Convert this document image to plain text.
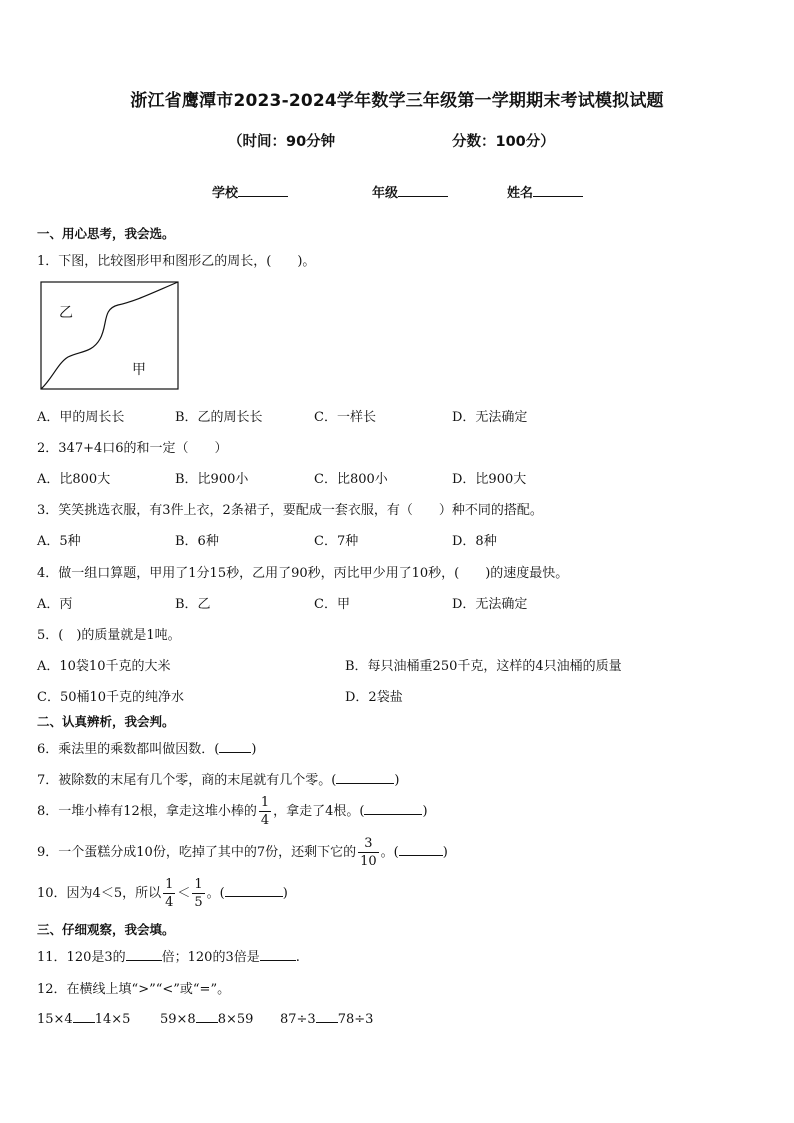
浙江省鹰潭市2023-2024学年数学三年级第一学期期末考试模拟试题
（时间：90分钟	分数：100分）
学校	年级	姓名
一、用心思考，我会选。
1．下图，比较图形甲和图形乙的周长，(　　)。
乙
甲
A．甲的周长长	B．乙的周长长	C．一样长	D．无法确定
2．347+4口6的和一定（　　）
A．比800大	B．比900小	C．比800小	D．比900大
3．笑笑挑选衣服，有3件上衣，2条裙子，要配成一套衣服，有（　　）种不同的搭配。
A．5种	B．6种	C．7种	D．8种
4．做一组口算题，甲用了1分15秒，乙用了90秒，丙比甲少用了10秒，(　　)的速度最快。
A．丙	B．乙	C．甲	D．无法确定
5．(　)的质量就是1吨。
A．10袋10千克的大米	B．每只油桶重250千克，这样的4只油桶的质量
C．50桶10千克的纯净水	D．2袋盐
二、认真辨析，我会判。
6．乘法里的乘数都叫做因数．( )
7．被除数的末尾有几个零，商的末尾就有几个零。(	)
8．一堆小棒有12根，拿走这堆小棒的 $\frac{1}{4}$ ，拿走了4根。(	)
9．一个蛋糕分成10份，吃掉了其中的7份，还剩下它的 $\frac{3}{10}$ 。(	)
10．因为4＜5，所以 $\frac{1}{4} < \frac{1}{5}$ 。(	)
三、仔细观察，我会填。
11．120是3的	倍；120的3倍是	.
12．在横线上填“>”“<”或“=”。
15×4 14×5 59×8 8×59 87÷3 78÷3
